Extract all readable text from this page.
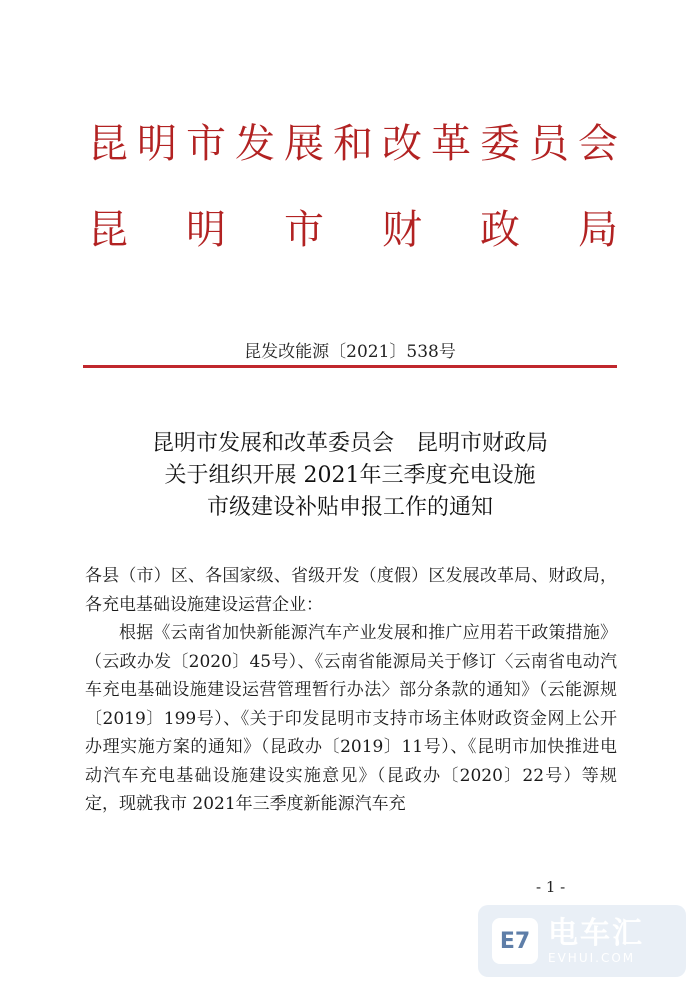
昆 明 市 发 展 和 改 革 委 员 会
昆 明 市 财 政 局
昆发改能源〔2021〕538号
昆明市发展和改革委员会　昆明市财政局
关于组织开展 2021年三季度充电设施
市级建设补贴申报工作的通知
各县（市）区、各国家级、省级开发（度假）区发展改革局、财政局，各充电基础设施建设运营企业：
根据《云南省加快新能源汽车产业发展和推广应用若干政策措施》（云政办发〔2020〕45号）、《云南省能源局关于修订〈云南省电动汽车充电基础设施建设运营管理暂行办法〉部分条款的通知》（云能源规〔2019〕199号）、《关于印发昆明市支持市场主体财政资金网上公开办理实施方案的通知》（昆政办〔2019〕11号）、《昆明市加快推进电动汽车充电基础设施建设实施意见》（昆政办〔2020〕22号）等规定，现就我市 2021年三季度新能源汽车充
- 1 -
E7 电车汇
EVHUI.COM
